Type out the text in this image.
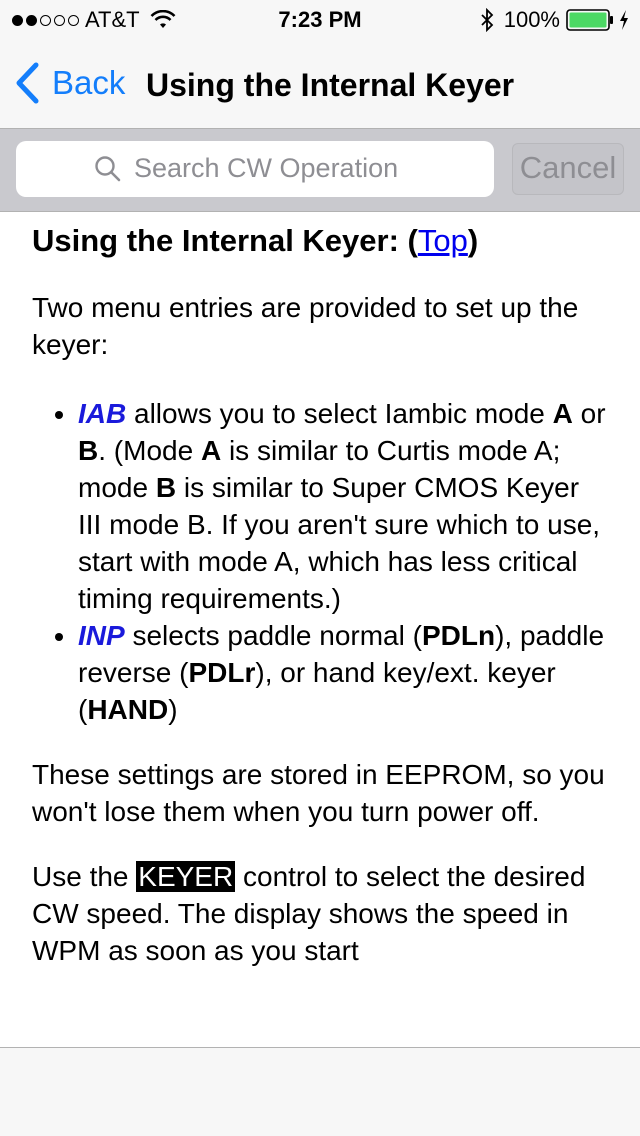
AT&T	7:23 PM	100%
Back Using the Internal Keyer
Search CW Operation	Cancel
Using the Internal Keyer: (Top)

Two menu entries are provided to set up the keyer:

• IAB allows you to select Iambic mode A or B. (Mode A is similar to Curtis mode A; mode B is similar to Super CMOS Keyer III mode B. If you aren't sure which to use, start with mode A, which has less critical timing requirements.)
• INP selects paddle normal (PDLn), paddle reverse (PDLr), or hand key/ext. keyer (HAND)

These settings are stored in EEPROM, so you won't lose them when you turn power off.

Use the KEYER control to select the desired CW speed. The display shows the speed in WPM as soon as you start
